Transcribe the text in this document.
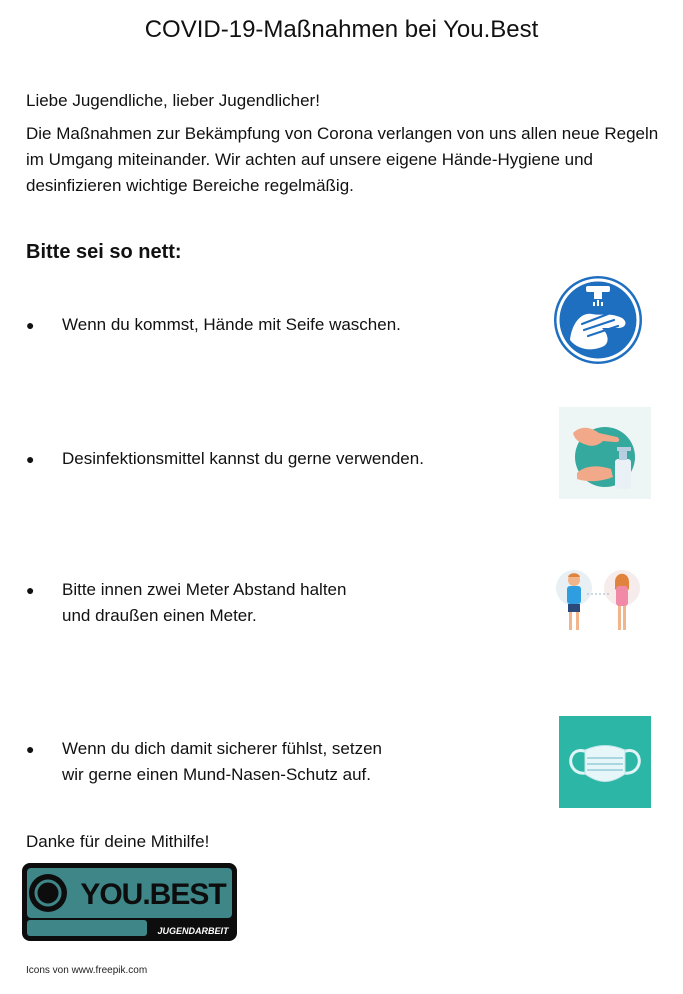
COVID-19-Maßnahmen bei You.Best
Liebe Jugendliche, lieber Jugendlicher!
Die Maßnahmen zur Bekämpfung von Corona verlangen von uns allen neue Regeln im Umgang miteinander. Wir achten auf unsere eigene Hände-Hygiene und desinfizieren wichtige Bereiche regelmäßig.
Bitte sei so nett:
● Wenn du kommst, Hände mit Seife waschen.
● Desinfektionsmittel kannst du gerne verwenden.
● Bitte innen zwei Meter Abstand halten
und draußen einen Meter.
● Wenn du dich damit sicherer fühlst, setzen
wir gerne einen Mund-Nasen-Schutz auf.
Danke für deine Mithilfe!
YOU.BEST
JUGENDARBEIT
Icons von www.freepik.com
